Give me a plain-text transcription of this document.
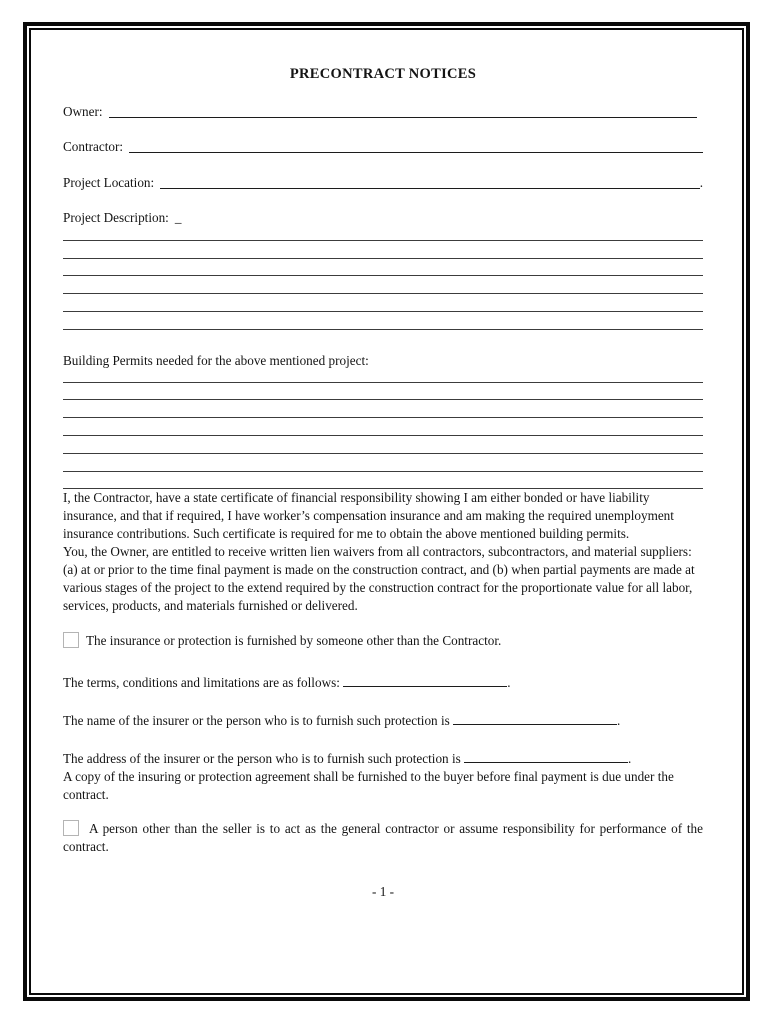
PRECONTRACT NOTICES
Owner:
Contractor:
Project Location:	.
Project Description: _
Building Permits needed for the above mentioned project:

I, the Contractor, have a state certificate of financial responsibility showing I am either bonded or have liability insurance, and that if required, I have worker’s compensation insurance and am making the required unemployment insurance contributions. Such certificate is required for me to obtain the above mentioned building permits.

You, the Owner, are entitled to receive written lien waivers from all contractors, subcontractors, and material suppliers: (a) at or prior to the time final payment is made on the construction contract, and (b) when partial payments are made at various stages of the project to the extend required by the construction contract for the proportionate value for all labor, services, products, and materials furnished or delivered.

The insurance or protection is furnished by someone other than the Contractor.
The terms, conditions and limitations are as follows:	.
The name of the insurer or the person who is to furnish such protection is	.
The address of the insurer or the person who is to furnish such protection is	.

A copy of the insuring or protection agreement shall be furnished to the buyer before final payment is due under the contract.

A person other than the seller is to act as the general contractor or assume responsibility for performance of the contract.
- 1 -
